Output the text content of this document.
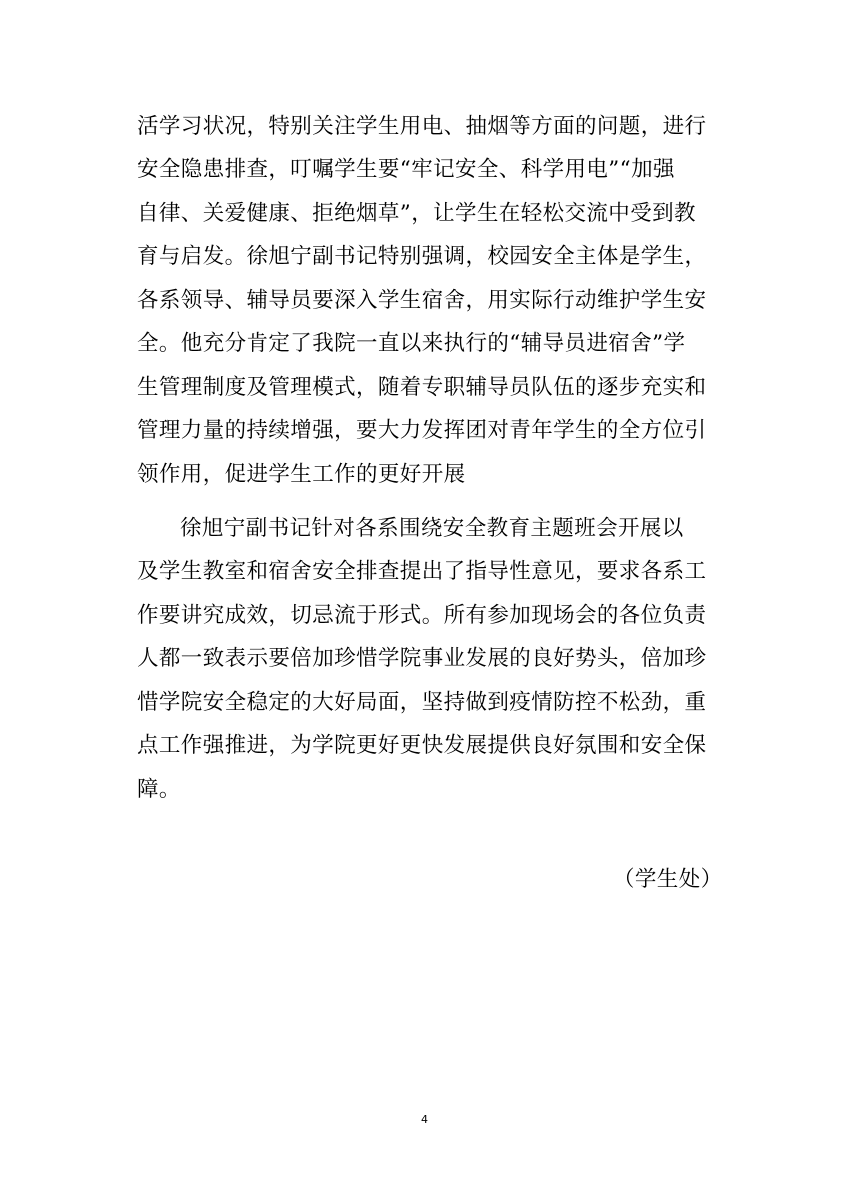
活学习状况，特别关注学生用电、抽烟等方面的问题，进行
安全隐患排查，叮嘱学生要“牢记安全、科学用电”“加强
自律、关爱健康、拒绝烟草”，让学生在轻松交流中受到教
育与启发。徐旭宁副书记特别强调，校园安全主体是学生，
各系领导、辅导员要深入学生宿舍，用实际行动维护学生安
全。他充分肯定了我院一直以来执行的“辅导员进宿舍”学
生管理制度及管理模式，随着专职辅导员队伍的逐步充实和
管理力量的持续增强，要大力发挥团对青年学生的全方位引
领作用，促进学生工作的更好开展
徐旭宁副书记针对各系围绕安全教育主题班会开展以
及学生教室和宿舍安全排查提出了指导性意见，要求各系工
作要讲究成效，切忌流于形式。所有参加现场会的各位负责
人都一致表示要倍加珍惜学院事业发展的良好势头，倍加珍
惜学院安全稳定的大好局面，坚持做到疫情防控不松劲，重
点工作强推进，为学院更好更快发展提供良好氛围和安全保
障。
（学生处）
4
